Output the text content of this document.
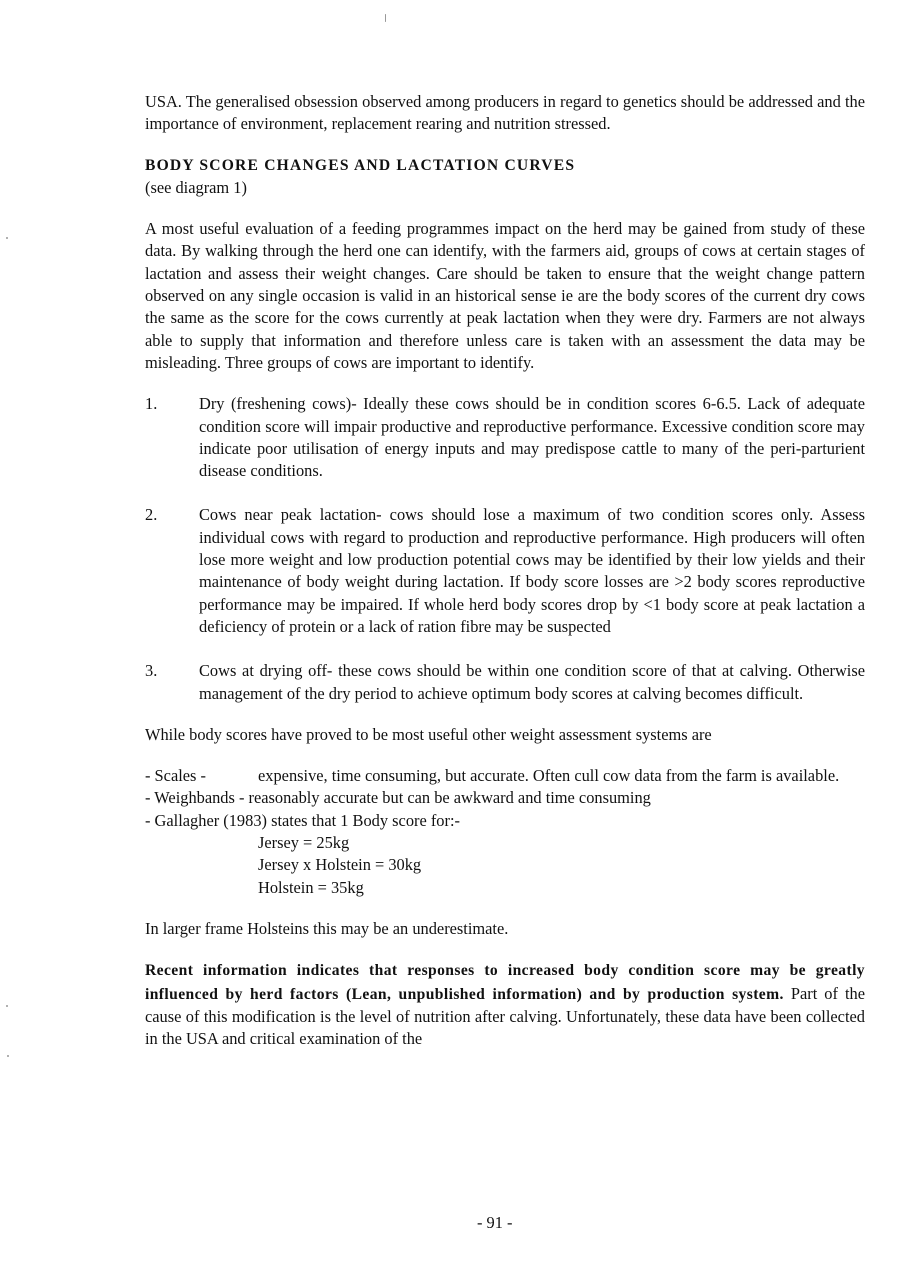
USA. The generalised obsession observed among producers in regard to genetics should be addressed and the importance of environment, replacement rearing and nutrition stressed.

BODY SCORE CHANGES AND LACTATION CURVES
(see diagram 1)

A most useful evaluation of a feeding programmes impact on the herd may be gained from study of these data. By walking through the herd one can identify, with the farmers aid, groups of cows at certain stages of lactation and assess their weight changes. Care should be taken to ensure that the weight change pattern observed on any single occasion is valid in an historical sense ie are the body scores of the current dry cows the same as the score for the cows currently at peak lactation when they were dry. Farmers are not always able to supply that information and therefore unless care is taken with an assessment the data may be misleading. Three groups of cows are important to identify.

1.	Dry (freshening cows)- Ideally these cows should be in condition scores 6-6.5. Lack of adequate condition score will impair productive and reproductive performance. Excessive condition score may indicate poor utilisation of energy inputs and may predispose cattle to many of the peri-parturient disease conditions.
2.	Cows near peak lactation- cows should lose a maximum of two condition scores only. Assess individual cows with regard to production and reproductive performance. High producers will often lose more weight and low production potential cows may be identified by their low yields and their maintenance of body weight during lactation. If body score losses are >2 body scores reproductive performance may be impaired. If whole herd body scores drop by <1 body score at peak lactation a deficiency of protein or a lack of ration fibre may be suspected
3.	Cows at drying off- these cows should be within one condition score of that at calving. Otherwise management of the dry period to achieve optimum body scores at calving becomes difficult.

While body scores have proved to be most useful other weight assessment systems are

- Scales -	expensive, time consuming, but accurate. Often cull cow data from the farm is available.
- Weighbands - reasonably accurate but can be awkward and time consuming
- Gallagher (1983) states that 1 Body score for:-
Jersey = 25kg
Jersey x Holstein = 30kg
Holstein = 35kg

In larger frame Holsteins this may be an underestimate.

Recent information indicates that responses to increased body condition score may be greatly influenced by herd factors (Lean, unpublished information) and by production system. Part of the cause of this modification is the level of nutrition after calving. Unfortunately, these data have been collected in the USA and critical examination of the

- 91 -
